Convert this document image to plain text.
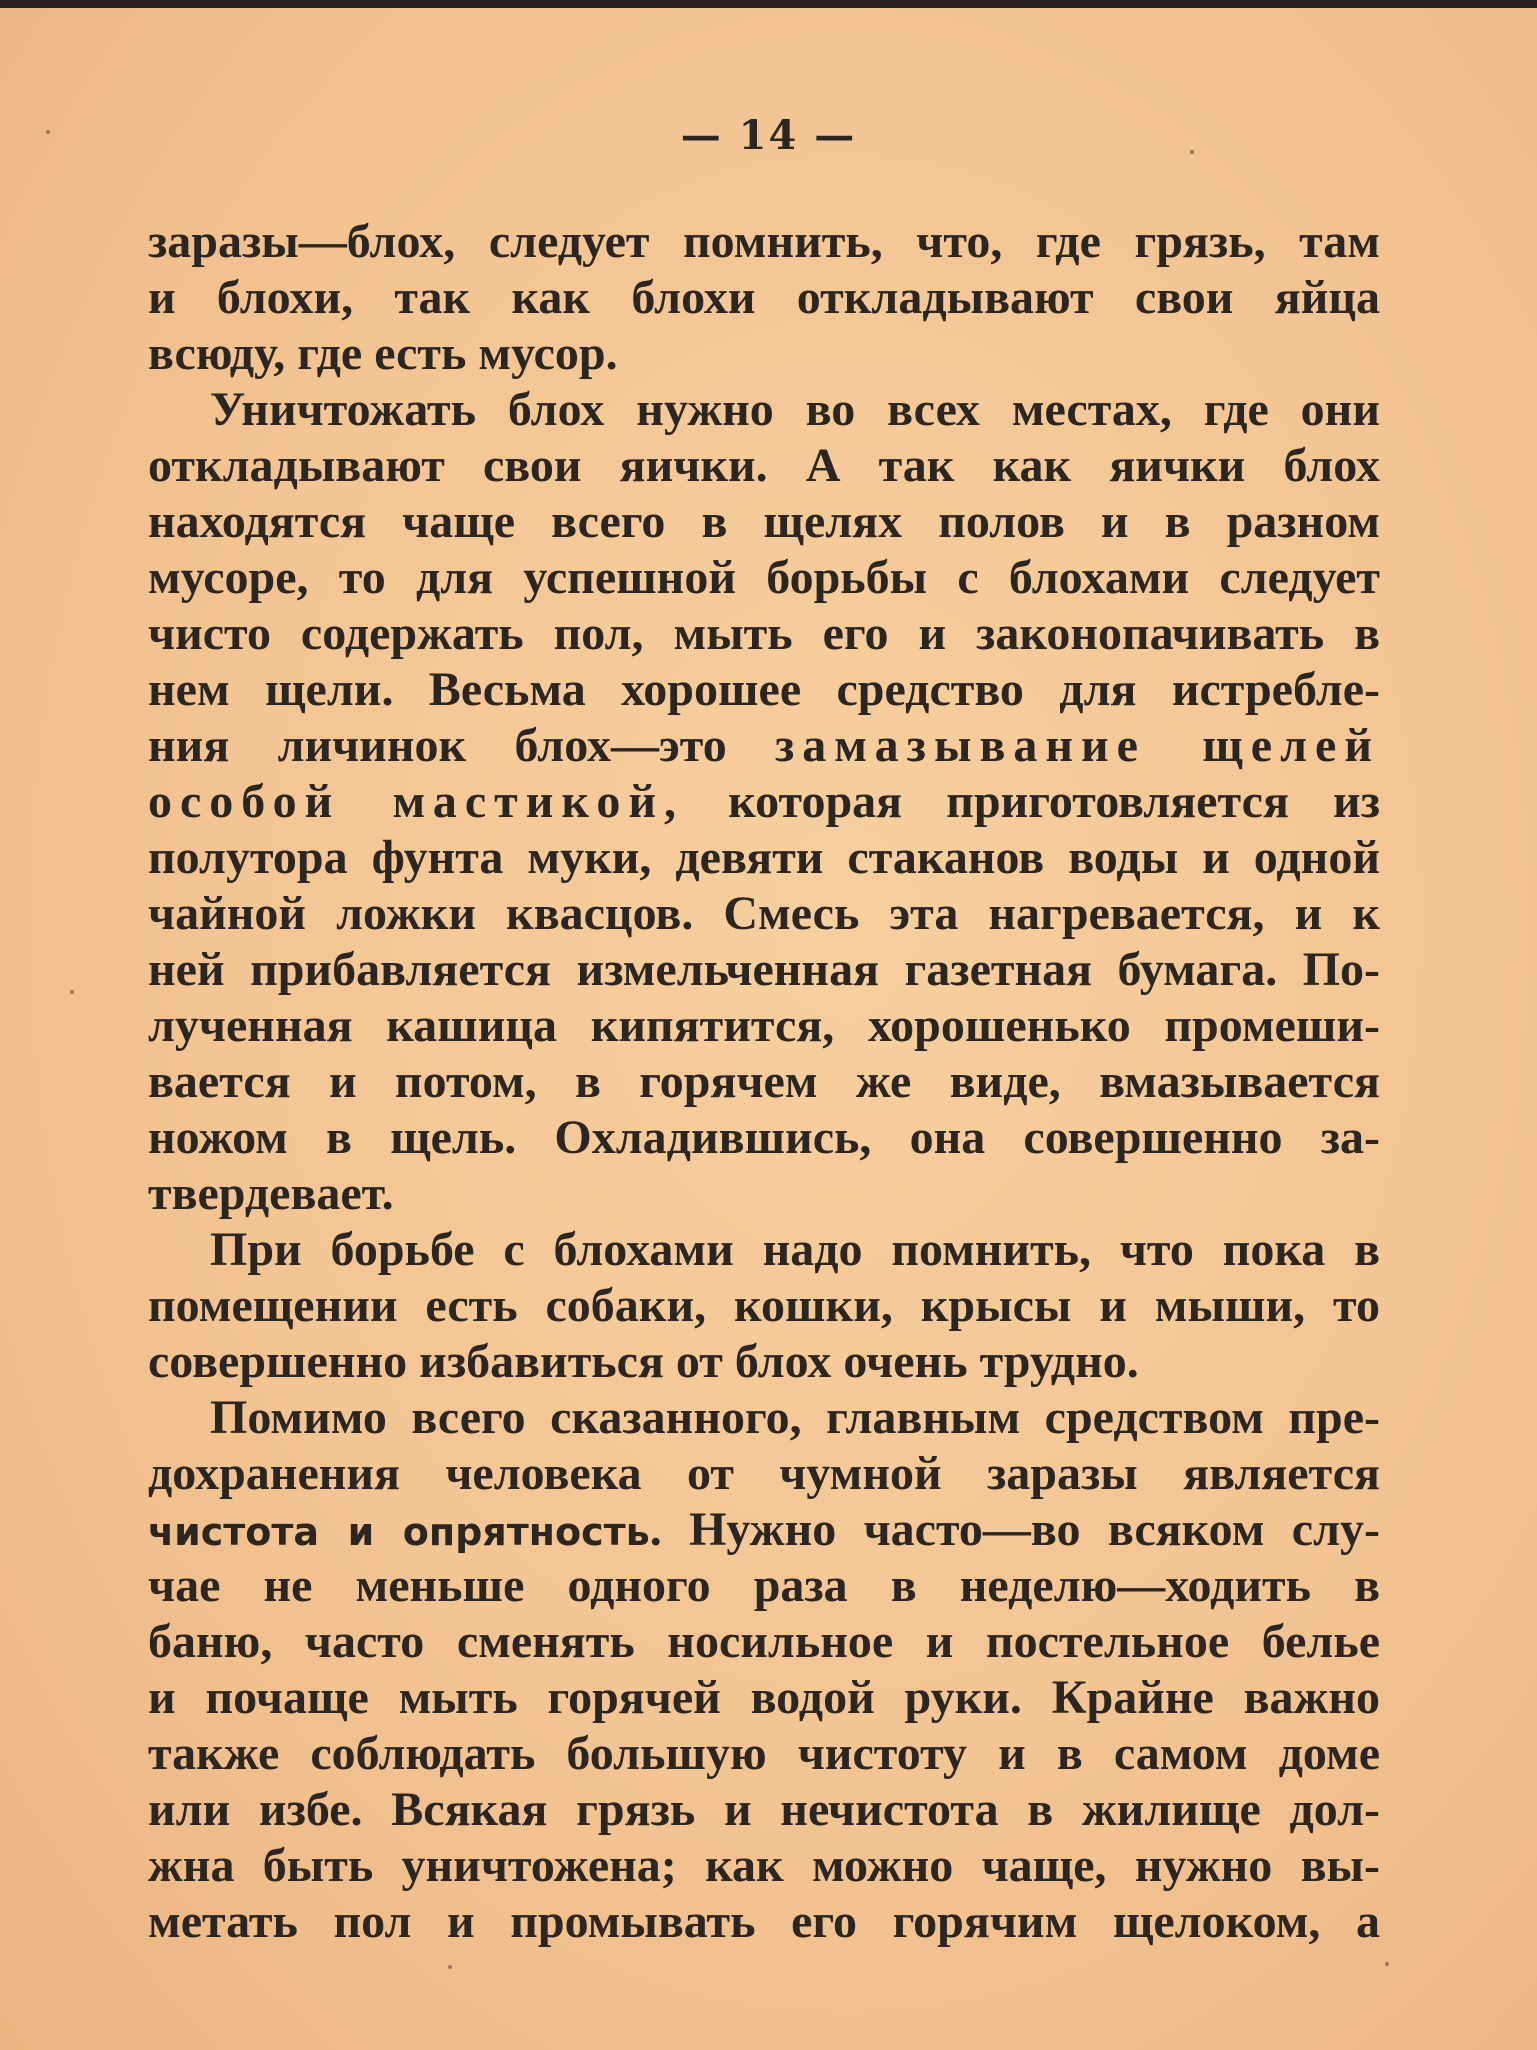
— 14 —
заразы—блох, следует помнить, что, где грязь, там
и блохи, так как блохи откладывают свои яйца
всюду, где есть мусор.
Уничтожать блох нужно во всех местах, где они
откладывают свои яички. А так как яички блох
находятся чаще всего в щелях полов и в разном
мусоре, то для успешной борьбы с блохами следует
чисто содержать пол, мыть его и законопачивать в
нем щели. Весьма хорошее средство для истребле-
ния личинок блох—это замазывание щелей
особой мастикой, которая приготовляется из
полутора фунта муки, девяти стаканов воды и одной
чайной ложки квасцов. Смесь эта нагревается, и к
ней прибавляется измельченная газетная бумага. По-
лученная кашица кипятится, хорошенько промеши-
вается и потом, в горячем же виде, вмазывается
ножом в щель. Охладившись, она совершенно за-
твердевает.
При борьбе с блохами надо помнить, что пока в
помещении есть собаки, кошки, крысы и мыши, то
совершенно избавиться от блох очень трудно.
Помимо всего сказанного, главным средством пре-
дохранения человека от чумной заразы является
чистота и опрятность. Нужно часто—во всяком слу-
чае не меньше одного раза в неделю—ходить в
баню, часто сменять носильное и постельное белье
и почаще мыть горячей водой руки. Крайне важно
также соблюдать большую чистоту и в самом доме
или избе. Всякая грязь и нечистота в жилище дол-
жна быть уничтожена; как можно чаще, нужно вы-
метать пол и промывать его горячим щелоком, а
